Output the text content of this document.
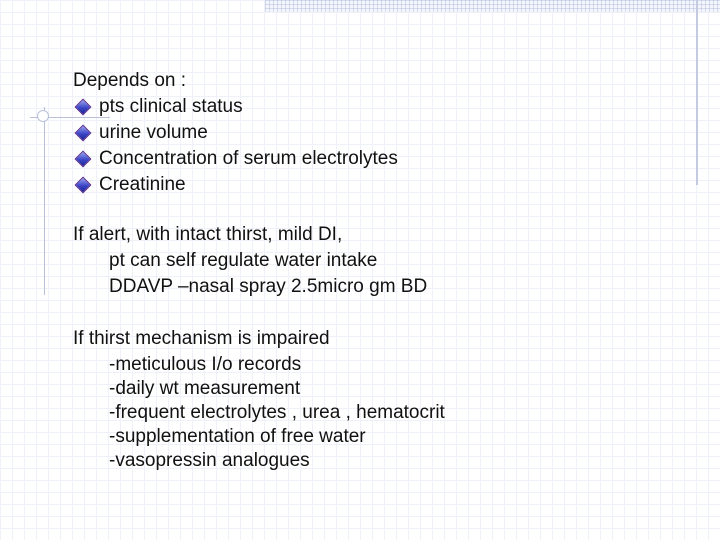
Depends on :
pts clinical status
urine volume
Concentration of serum electrolytes
Creatinine
If alert, with intact thirst, mild DI,
pt can self regulate water intake
DDAVP –nasal spray 2.5micro gm BD
If thirst mechanism is impaired
-meticulous I/o records
-daily wt measurement
-frequent electrolytes , urea , hematocrit
-supplementation of free water
-vasopressin analogues
